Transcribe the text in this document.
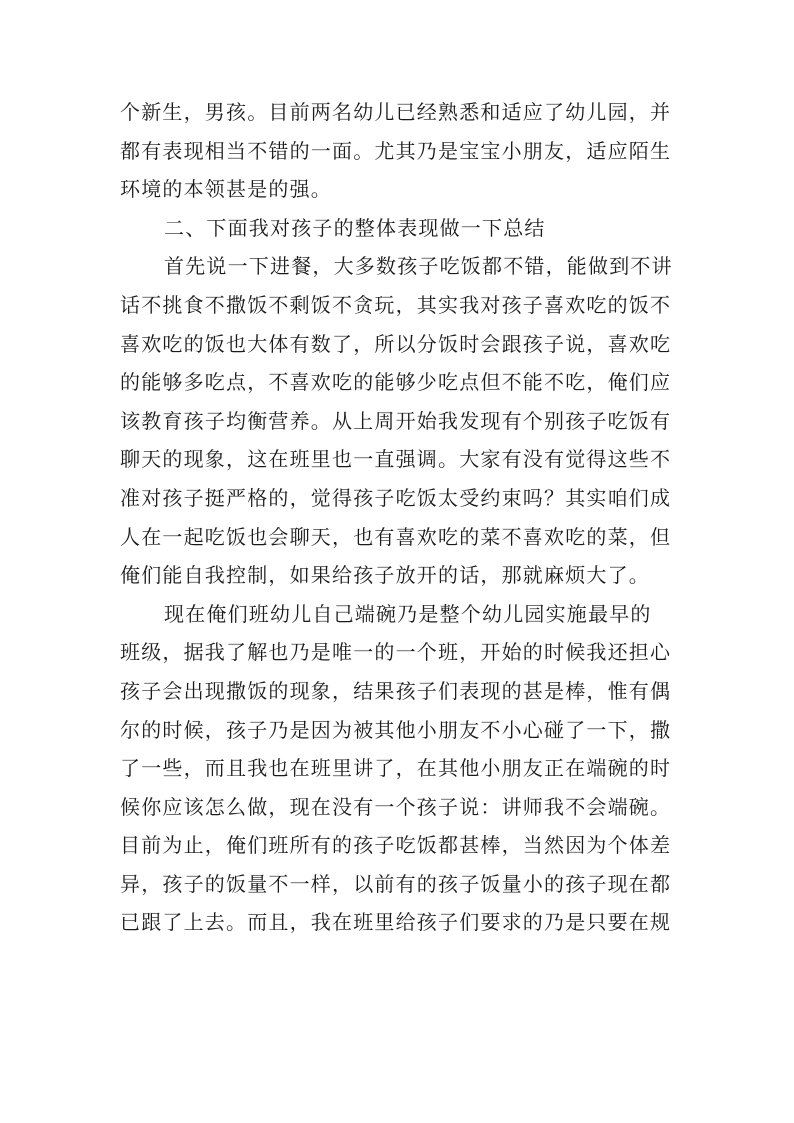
个新生，男孩。目前两名幼儿已经熟悉和适应了幼儿园，并
都有表现相当不错的一面。尤其乃是宝宝小朋友，适应陌生
环境的本领甚是的强。
二、下面我对孩子的整体表现做一下总结
首先说一下进餐，大多数孩子吃饭都不错，能做到不讲
话不挑食不撒饭不剩饭不贪玩，其实我对孩子喜欢吃的饭不
喜欢吃的饭也大体有数了，所以分饭时会跟孩子说，喜欢吃
的能够多吃点，不喜欢吃的能够少吃点但不能不吃，俺们应
该教育孩子均衡营养。从上周开始我发现有个别孩子吃饭有
聊天的现象，这在班里也一直强调。大家有没有觉得这些不
准对孩子挺严格的，觉得孩子吃饭太受约束吗？其实咱们成
人在一起吃饭也会聊天，也有喜欢吃的菜不喜欢吃的菜，但
俺们能自我控制，如果给孩子放开的话，那就麻烦大了。
现在俺们班幼儿自己端碗乃是整个幼儿园实施最早的
班级，据我了解也乃是唯一的一个班，开始的时候我还担心
孩子会出现撒饭的现象，结果孩子们表现的甚是棒，惟有偶
尔的时候，孩子乃是因为被其他小朋友不小心碰了一下，撒
了一些，而且我也在班里讲了，在其他小朋友正在端碗的时
候你应该怎么做，现在没有一个孩子说：讲师我不会端碗。
目前为止，俺们班所有的孩子吃饭都甚棒，当然因为个体差
异，孩子的饭量不一样，以前有的孩子饭量小的孩子现在都
已跟了上去。而且，我在班里给孩子们要求的乃是只要在规
